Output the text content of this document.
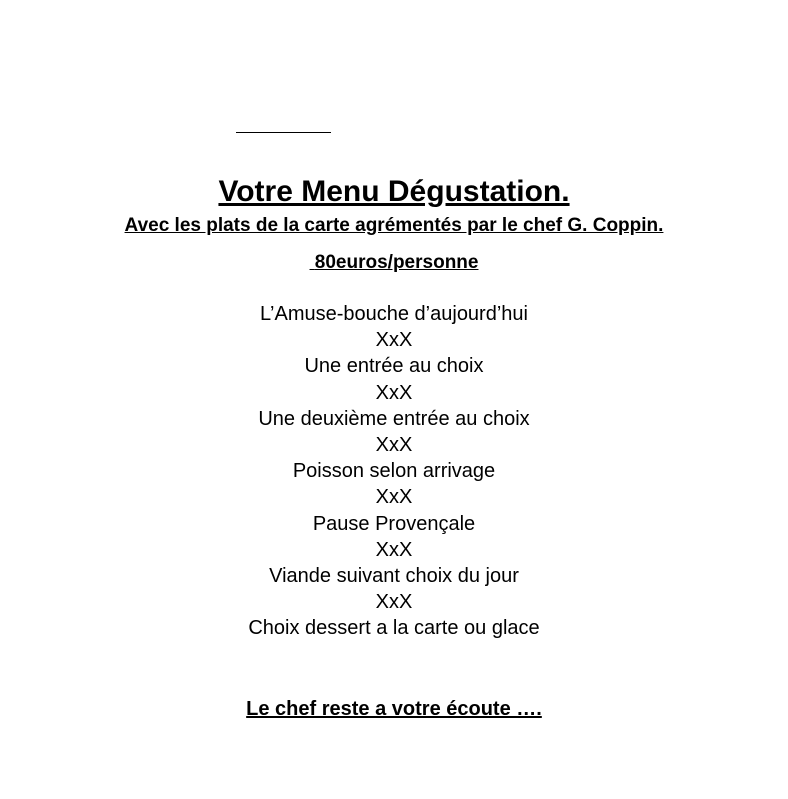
Votre Menu Dégustation.

Avec les plats de la carte agrémentés par le chef G. Coppin.

80euros/personne

L’Amuse-bouche d’aujourd’hui
XxX
Une entrée au choix
XxX
Une deuxième entrée au choix
XxX
Poisson selon arrivage
XxX
Pause Provençale
XxX
Viande suivant choix du jour
XxX
Choix dessert a la carte ou glace

Le chef reste a votre écoute ….
